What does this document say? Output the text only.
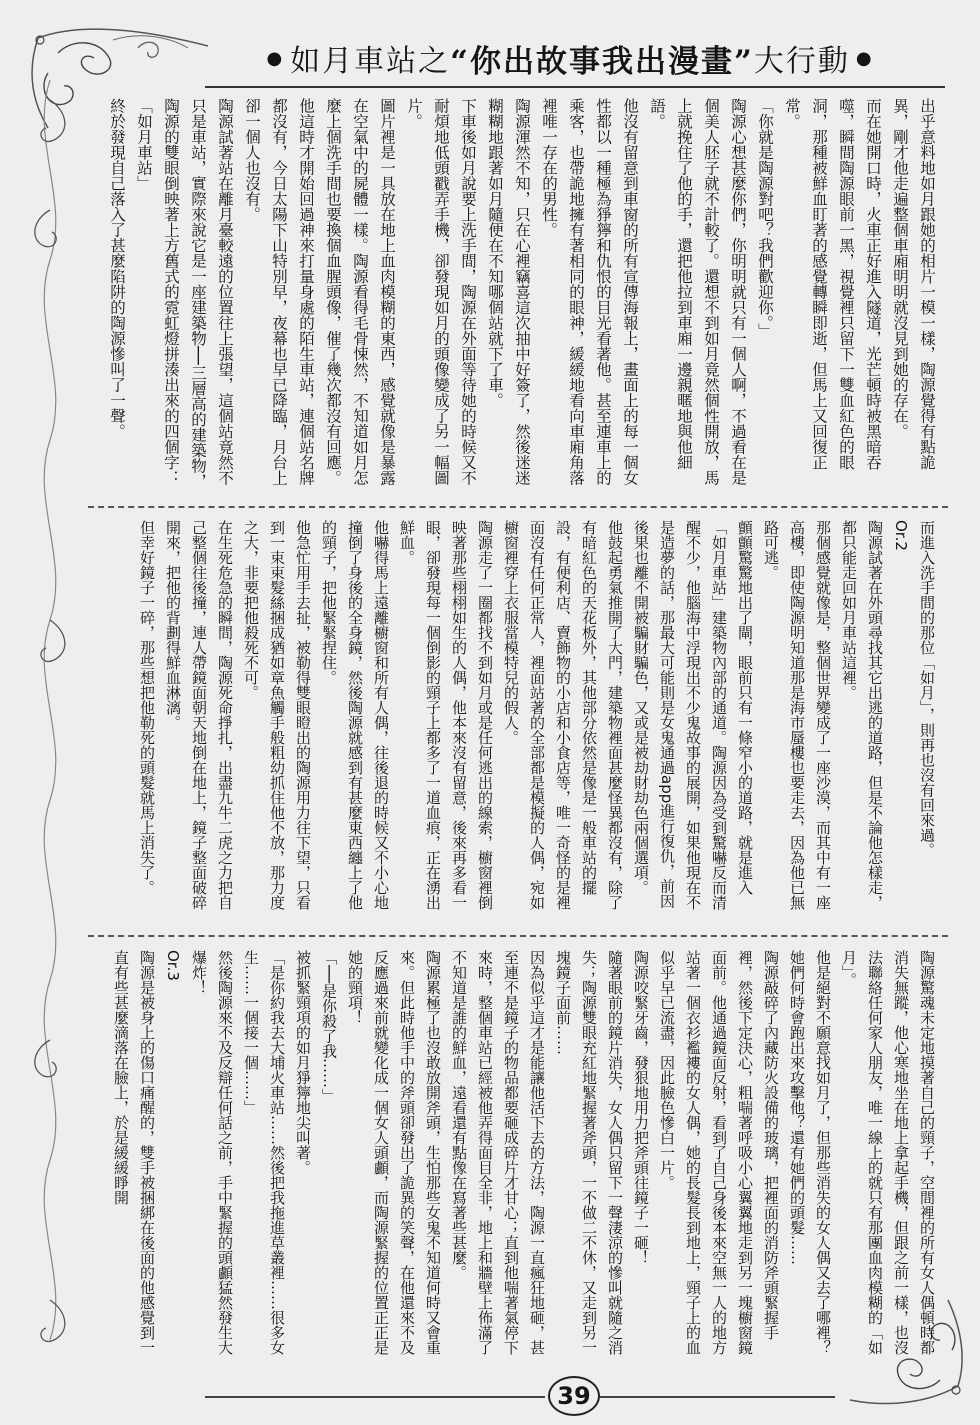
● 如月車站之 “你出故事我出漫畫” 大行動 ●

出乎意料地如月跟她的相片一模一樣，陶源覺得有點詭異，剛才他走遍整個車廂明明就沒見到她的存在。

而在她開口時，火車正好進入隧道，光芒頓時被黑暗吞噬，瞬間陶源眼前一黑，視覺裡只留下一雙血紅色的眼洞，那種被鮮血盯著的感覺轉瞬即逝，但馬上又回復正常。

「你就是陶源對吧？我們歡迎你。」

陶源心想甚麼你們，你明明就只有一個人啊，不過看在是個美人胚子就不計較了。還想不到如月竟然個性開放，馬上就挽住了他的手，還把他拉到車廂一邊親暱地與他細語。

他沒有留意到車窗的所有宣傳海報上，畫面上的每一個女性都以一種極為猙獰和仇恨的目光看著他。甚至連車上的乘客，也帶詭地擁有著相同的眼神，緩緩地看向車廂角落裡唯一存在的男性。

陶源渾然不知，只在心裡竊喜這次抽中好簽了，然後迷迷糊糊地跟著如月隨便在不知哪個站就下了車。

下車後如月說要上洗手間，陶源在外面等待她的時候又不耐煩地低頭戳弄手機，卻發現如月的頭像變成了另一幅圖片。

圖片裡是一具放在地上血肉模糊的東西，感覺就像是暴露在空氣中的屍體一樣。陶源看得毛骨悚然，不知道如月怎麼上個洗手間也要換個血腥頭像，催了幾次都沒有回應。

他這時才開始回過神來打量身處的陌生車站，連個站名牌都沒有，今日太陽下山特別早，夜幕也早已降臨，月台上卻一個人也沒有。

陶源試著站在離月臺較遠的位置往上張望，這個站竟然不只是車站，實際來說它是一座建築物──三層高的建築物，陶源的雙眼倒映著上方舊式的霓虹燈拼湊出來的四個字：

「如月車站」

終於發現自己落入了甚麼陷阱的陶源慘叫了一聲。

而進入洗手間的那位「如月」，則再也沒有回來過。

Or.2

陶源試著在外頭尋找其它出逃的道路，但是不論他怎樣走，都只能走回如月車站這裡。

那個感覺就像是，整個世界變成了一座沙漠，而其中有一座高樓，即使陶源明知道那是海市蜃樓也要走去，因為他已無路可逃。

顫顫驚驚地出了閘，眼前只有一條窄小的道路，就是進入「如月車站」建築物內部的通道。陶源因為受到驚嚇反而清醒不少，他腦海中浮現出不少鬼故事的展開，如果他現在不是造夢的話，那最大可能則是女鬼通過app進行復仇，前因後果也離不開被騙財騙色，又或是被劫財劫色兩個選項。

他鼓起勇氣推開了大門，建築物裡面甚麼怪異都沒有，除了有暗紅色的天花板外，其他部分依然是像是一般車站的擺設，有便利店、賣飾物的小店和小食店等，唯一奇怪的是裡面沒有任何正常人，裡面站著的全部都是模擬的人偶，宛如櫥窗裡穿上衣服當模特兒的假人。

陶源走了一圈都找不到如月或是任何逃出的線索，櫥窗裡倒映著那些栩栩如生的人偶，他本來沒有留意，後來再多看一眼，卻發現每一個倒影的頸子上都多了一道血痕，正在湧出鮮血。

他嚇得馬上遠離櫥窗和所有人偶，往後退的時候又不小心地撞倒了身後的全身鏡，然後陶源就感到有甚麼東西纏上了他的頸子，把他緊緊捏住。

他急忙用手去扯，被勒得雙眼瞪出的陶源用力往下望，只看到一束束髮絲捆成猶如章魚觸手般粗幼抓住他不放，那力度之大，非要把他殺死不可。

在生死危急的瞬間，陶源死命掙扎，出盡九牛二虎之力把自己整個往後撞，連人帶鏡面朝天地倒在地上，鏡子整面破碎開來，把他的背劃得鮮血淋漓。

但幸好鏡子一碎，那些想把他勒死的頭髮就馬上消失了。

陶源驚魂未定地摸著自己的頸子，空間裡的所有女人偶頓時都消失無蹤，他心寒地坐在地上拿起手機，但跟之前一樣，也沒法聯絡任何家人朋友，唯一線上的就只有那團血肉模糊的「如月」。

他是絕對不願意找如月了，但那些消失的女人偶又去了哪裡？她們何時會跑出來攻擊他？還有她們的頭髮……

陶源敲碎了內藏防火設備的玻璃，把裡面的消防斧頭緊握手裡，然後下定決心，粗喘著呼吸小心翼翼地走到另一塊櫥窗鏡面前。他通過鏡面反射，看到了自己身後本來空無一人的地方站著一個衣衫襤褸的女人偶，她的長髮長到地上，頸子上的血似乎早已流盡，因此臉色慘白一片。

陶源咬緊牙齒，發狠地用力把斧頭往鏡子一砸！

隨著眼前的鏡片消失，女人偶只留下一聲淒涼的慘叫就隨之消失；陶源雙眼充紅地緊握著斧頭，一不做二不休，又走到另一塊鏡子面前……

因為似乎這才是能讓他活下去的方法，陶源一直瘋狂地砸，甚至連不是鏡子的物品都要砸成碎片才甘心；直到他喘著氣停下來時，整個車站已經被他弄得面目全非，地上和牆壁上佈滿了不知道是誰的鮮血，遠看還有點像在寫著些甚麼。

陶源累極了也沒敢放開斧頭，生怕那些女鬼不知道何時又會重來。但此時他手中的斧頭卻發出了詭異的笑聲，在他還來不及反應過來前就變化成一個女人頭顱，而陶源緊握的位置正正是她的頸項！

「──是你殺了我……」

被抓緊頸項的如月猙獰地尖叫著。

「是你約我去大埔火車站……然後把我拖進草叢裡……很多女生……一個接一個……」

然後陶源來不及反辯任何話之前，手中緊握的頭顱猛然發生大爆炸！

Or.3

陶源是被身上的傷口痛醒的，雙手被捆綁在後面的他感覺到一直有些甚麼滴落在臉上，於是緩緩睜開

39
